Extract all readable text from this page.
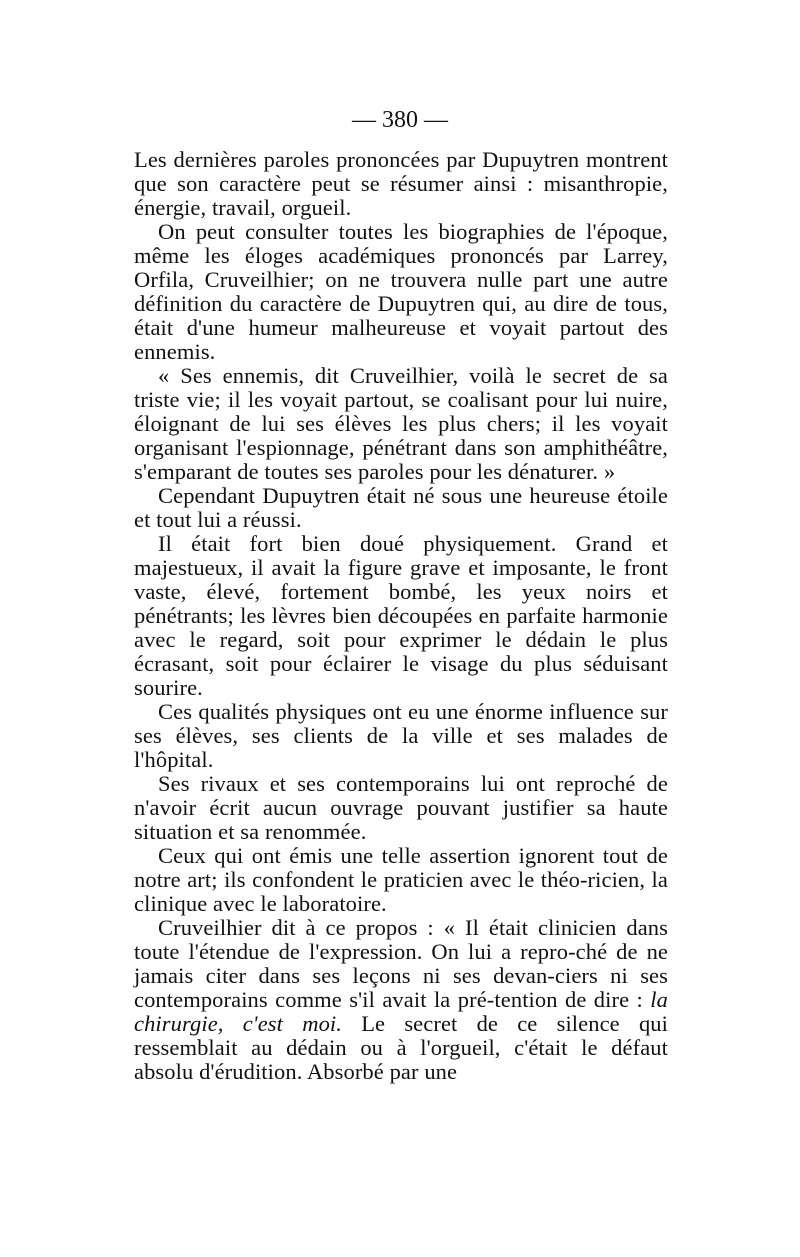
— 380 —

Les dernières paroles prononcées par Dupuytren montrent que son caractère peut se résumer ainsi : misanthropie, énergie, travail, orgueil.

On peut consulter toutes les biographies de l'époque, même les éloges académiques prononcés par Larrey, Orfila, Cruveilhier; on ne trouvera nulle part une autre définition du caractère de Dupuytren qui, au dire de tous, était d'une humeur malheureuse et voyait partout des ennemis.

« Ses ennemis, dit Cruveilhier, voilà le secret de sa triste vie; il les voyait partout, se coalisant pour lui nuire, éloignant de lui ses élèves les plus chers; il les voyait organisant l'espionnage, pénétrant dans son amphithéâtre, s'emparant de toutes ses paroles pour les dénaturer. »

Cependant Dupuytren était né sous une heureuse étoile et tout lui a réussi.

Il était fort bien doué physiquement. Grand et majestueux, il avait la figure grave et imposante, le front vaste, élevé, fortement bombé, les yeux noirs et pénétrants; les lèvres bien découpées en parfaite harmonie avec le regard, soit pour exprimer le dédain le plus écrasant, soit pour éclairer le visage du plus séduisant sourire.

Ces qualités physiques ont eu une énorme influence sur ses élèves, ses clients de la ville et ses malades de l'hôpital.

Ses rivaux et ses contemporains lui ont reproché de n'avoir écrit aucun ouvrage pouvant justifier sa haute situation et sa renommée.

Ceux qui ont émis une telle assertion ignorent tout de notre art; ils confondent le praticien avec le théo-ricien, la clinique avec le laboratoire.

Cruveilhier dit à ce propos : « Il était clinicien dans toute l'étendue de l'expression. On lui a repro-ché de ne jamais citer dans ses leçons ni ses devan-ciers ni ses contemporains comme s'il avait la pré-tention de dire : la chirurgie, c'est moi. Le secret de ce silence qui ressemblait au dédain ou à l'orgueil, c'était le défaut absolu d'érudition. Absorbé par une
